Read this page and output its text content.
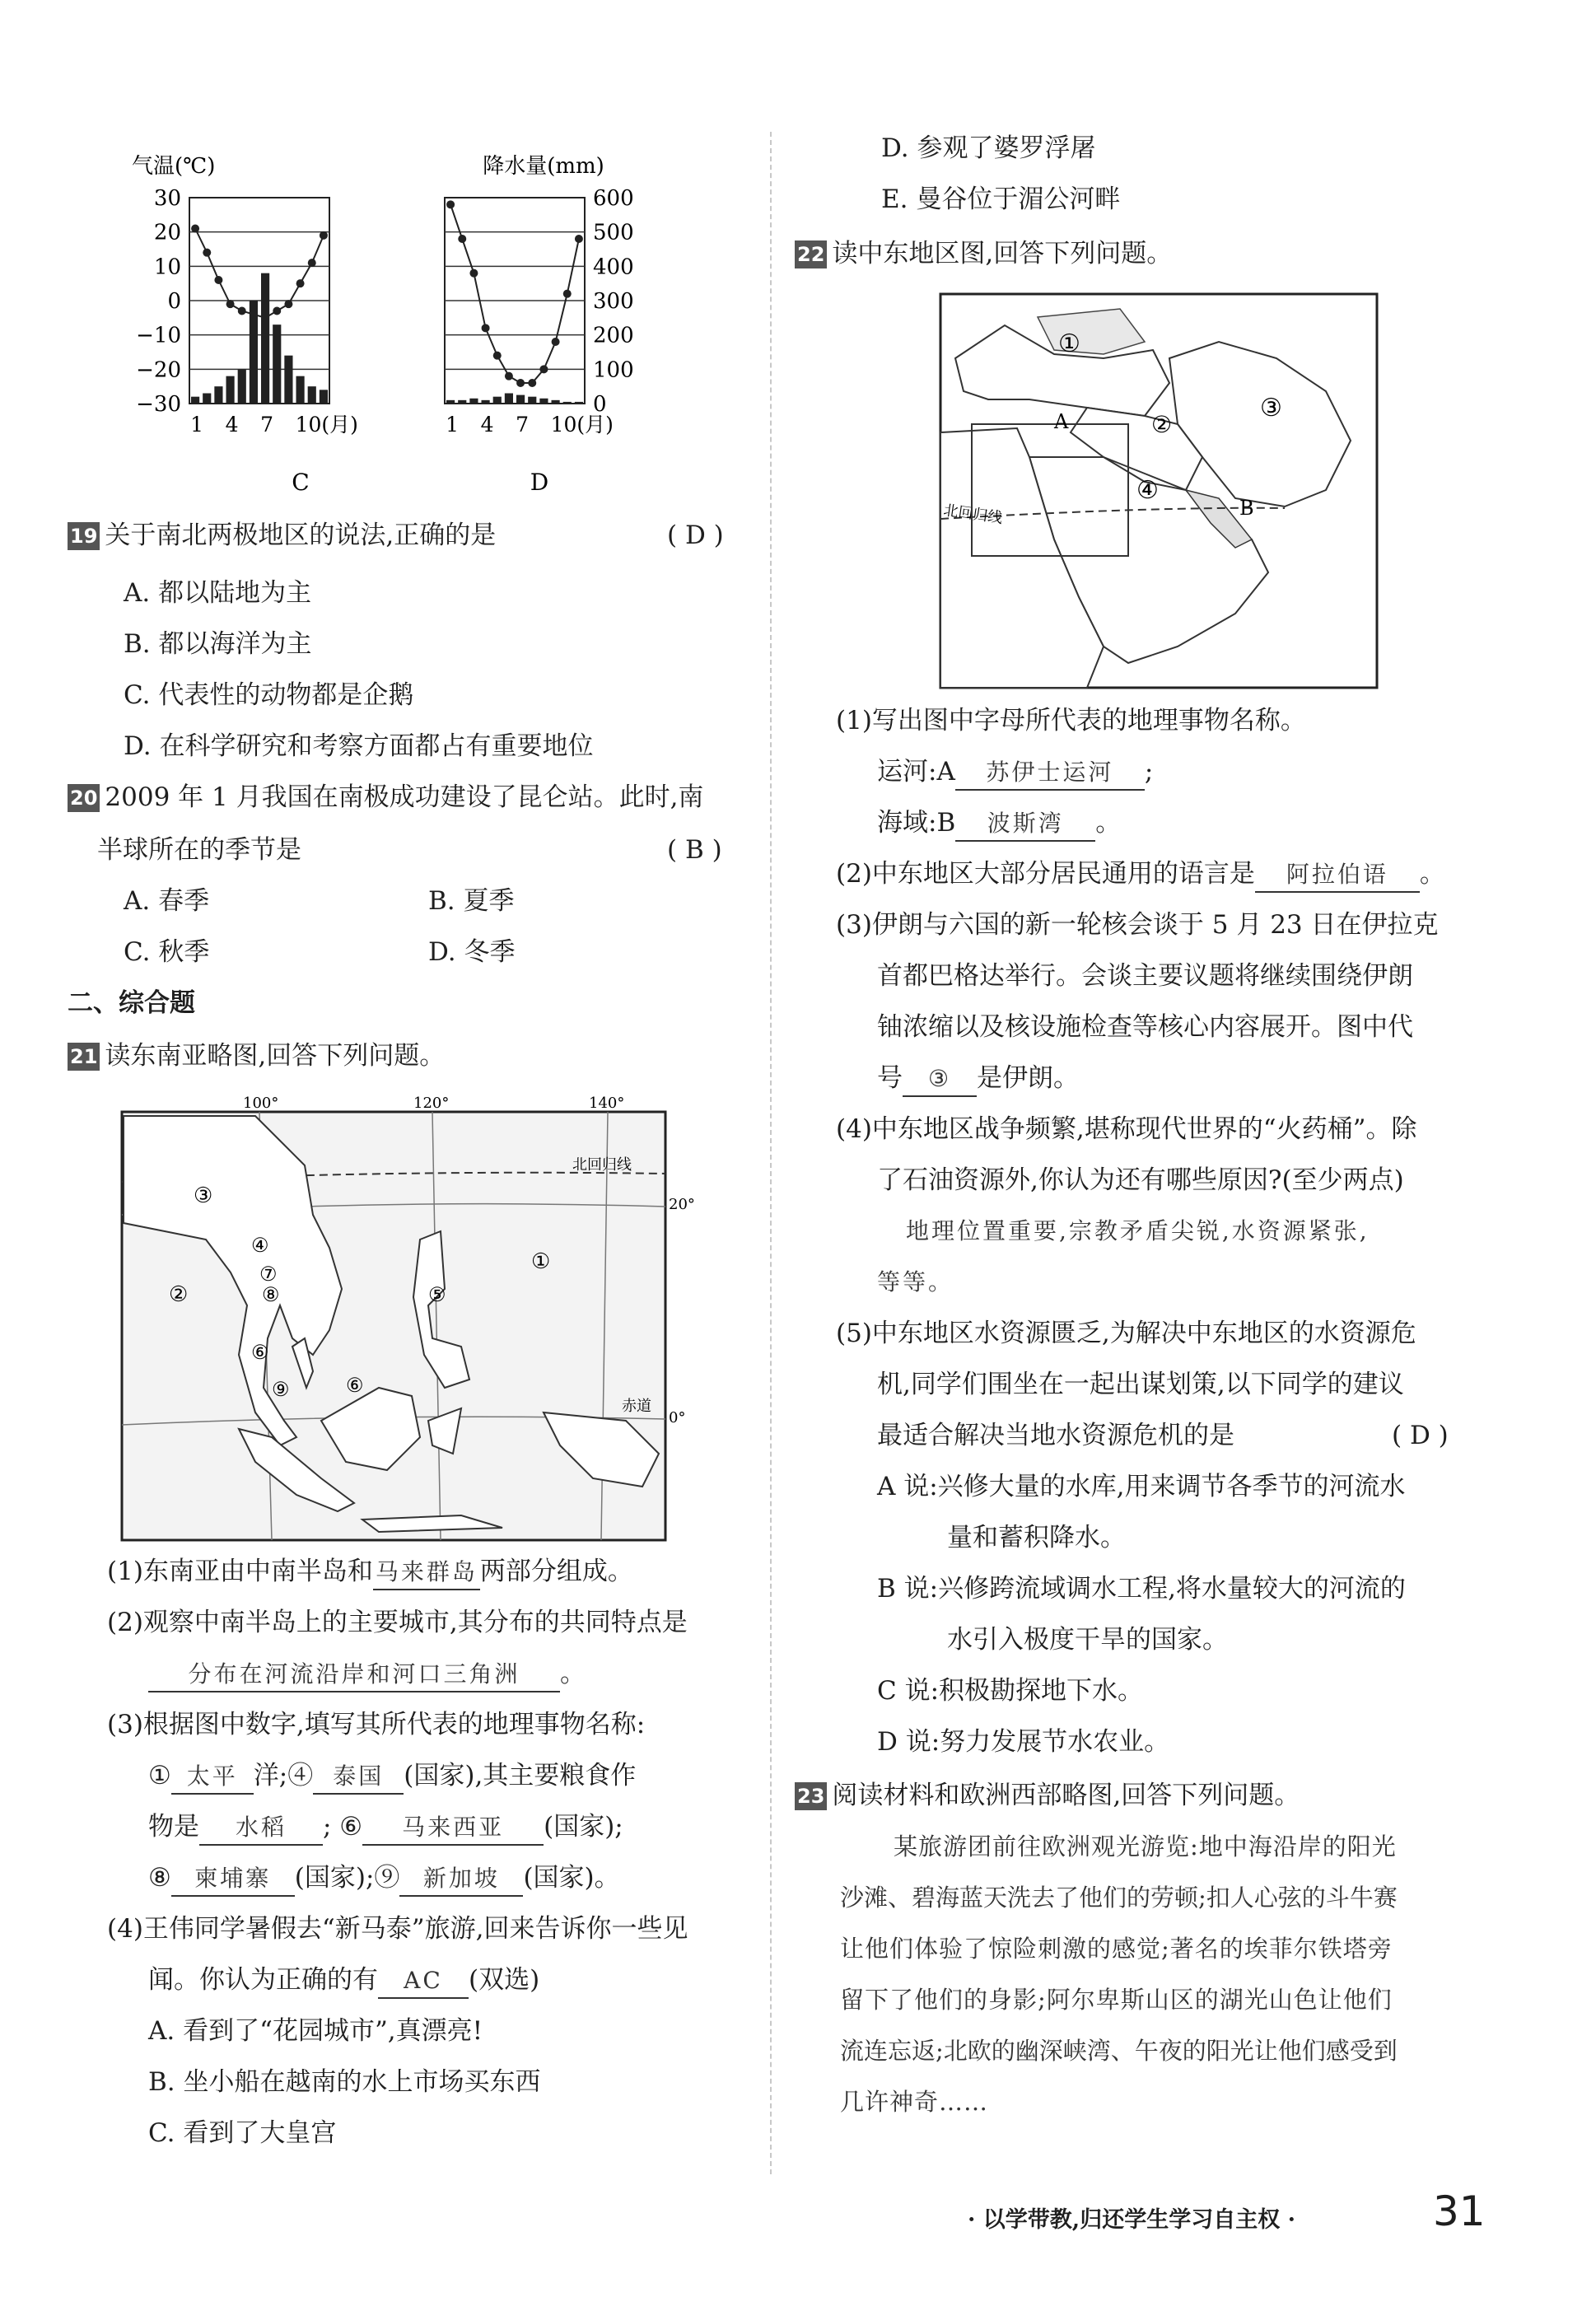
气温(℃)	降水量(mm)
30
20
10
0
−10
−20
−30
600
500
400
300
200
100
0
1 4 7 10(月)	1 4 7 10(月)
C	D
19 关于南北两极地区的说法,正确的是	( D )
A. 都以陆地为主
B. 都以海洋为主
C. 代表性的动物都是企鹅
D. 在科学研究和考察方面都占有重要地位
20 2009 年 1 月我国在南极成功建设了昆仑站。此时,南
半球所在的季节是	( B )
A. 春季	B. 夏季
C. 秋季	D. 冬季
二、综合题
21 读东南亚略图,回答下列问题。
100°	120°	140°
北回归线
赤道
20°
0°
①
②
③
④
⑤
⑥
⑦
⑧
⑨	⑥
(1)东南亚由中南半岛和 马来群岛两部分组成。
(2)观察中南半岛上的主要城市,其分布的共同特点是
分布在河流沿岸和河口三角洲 。
(3)根据图中数字,填写其所代表的地理事物名称:
① 太平 洋;④ 泰国 (国家),其主要粮食作
物是 水稻 ; ⑥ 马来西亚 (国家);
⑧ 柬埔寨 (国家);⑨ 新加坡 (国家)。
(4)王伟同学暑假去“新马泰”旅游,回来告诉你一些见
闻。你认为正确的有 AC (双选)
A. 看到了“花园城市”,真漂亮!
B. 坐小船在越南的水上市场买东西
C. 看到了大皇宫
D. 参观了婆罗浮屠
E. 曼谷位于湄公河畔
22 读中东地区图,回答下列问题。
北回归线
①
②
③
④
A
B
(1)写出图中字母所代表的地理事物名称。
运河:A 苏伊士运河 ;
海域:B 波斯湾 。
(2)中东地区大部分居民通用的语言是 阿拉伯语 。
(3)伊朗与六国的新一轮核会谈于 5 月 23 日在伊拉克
首都巴格达举行。会谈主要议题将继续围绕伊朗
铀浓缩以及核设施检查等核心内容展开。图中代
号 ③ 是伊朗。
(4)中东地区战争频繁,堪称现代世界的“火药桶”。除
了石油资源外,你认为还有哪些原因?(至少两点)
地理位置重要,宗教矛盾尖锐,水资源紧张,
等等。
(5)中东地区水资源匮乏,为解决中东地区的水资源危
机,同学们围坐在一起出谋划策,以下同学的建议
最适合解决当地水资源危机的是	( D )
A 说:兴修大量的水库,用来调节各季节的河流水
量和蓄积降水。
B 说:兴修跨流域调水工程,将水量较大的河流的
水引入极度干旱的国家。
C 说:积极勘探地下水。
D 说:努力发展节水农业。
23 阅读材料和欧洲西部略图,回答下列问题。
某旅游团前往欧洲观光游览:地中海沿岸的阳光
沙滩、碧海蓝天洗去了他们的劳顿;扣人心弦的斗牛赛
让他们体验了惊险刺激的感觉;著名的埃菲尔铁塔旁
留下了他们的身影;阿尔卑斯山区的湖光山色让他们
流连忘返;北欧的幽深峡湾、午夜的阳光让他们感受到
几许神奇……
· 以学带教,归还学生学习自主权 ·	31
